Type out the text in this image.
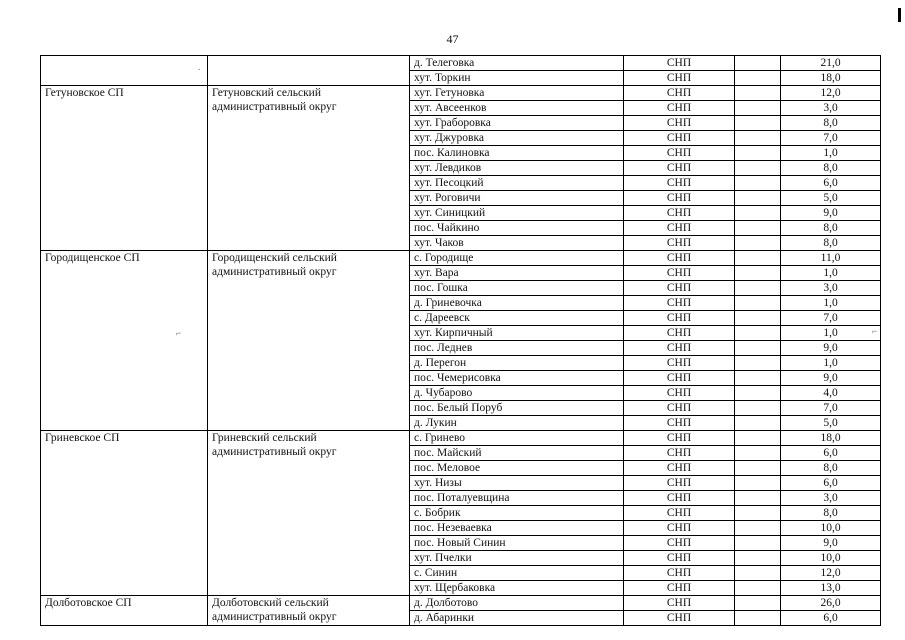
47
.
⌐	⌐
		д. Телеговка	СНП		21,0
		хут. Торкин	СНП		18,0
Гетуновское СП	Гетуновский сельский административный округ	хут. Гетуновка	СНП		12,0
		хут. Авсеенков	СНП		3,0
		хут. Граборовка	СНП		8,0
		хут. Джуровка	СНП		7,0
		пос. Калиновка	СНП		1,0
		хут. Левдиков	СНП		8,0
		хут. Песоцкий	СНП		6,0
		хут. Роговичи	СНП		5,0
		хут. Синицкий	СНП		9,0
		пос. Чайкино	СНП		8,0
		хут. Чаков	СНП		8,0
Городищенское СП	Городищенский сельский административный округ	с. Городище	СНП		11,0
		хут. Вара	СНП		1,0
		пос. Гошка	СНП		3,0
		д. Гриневочка	СНП		1,0
		с. Дареевск	СНП		7,0
		хут. Кирпичный	СНП		1,0
		пос. Леднев	СНП		9,0
		д. Перегон	СНП		1,0
		пос. Чемерисовка	СНП		9,0
		д. Чубарово	СНП		4,0
		пос. Белый Поруб	СНП		7,0
		д. Лукин	СНП		5,0
Гриневское СП	Гриневский сельский административный округ	с. Гринево	СНП		18,0
		пос. Майский	СНП		6,0
		пос. Меловое	СНП		8,0
		хут. Низы	СНП		6,0
		пос. Поталуевщина	СНП		3,0
		с. Бобрик	СНП		8,0
		пос. Незеваевка	СНП		10,0
		пос. Новый Синин	СНП		9,0
		хут. Пчелки	СНП		10,0
		с. Синин	СНП		12,0
		хут. Щербаковка	СНП		13,0
Долботовское СП	Долботовский сельский административный округ	д. Долботово	СНП		26,0
		д. Абаринки	СНП		6,0
